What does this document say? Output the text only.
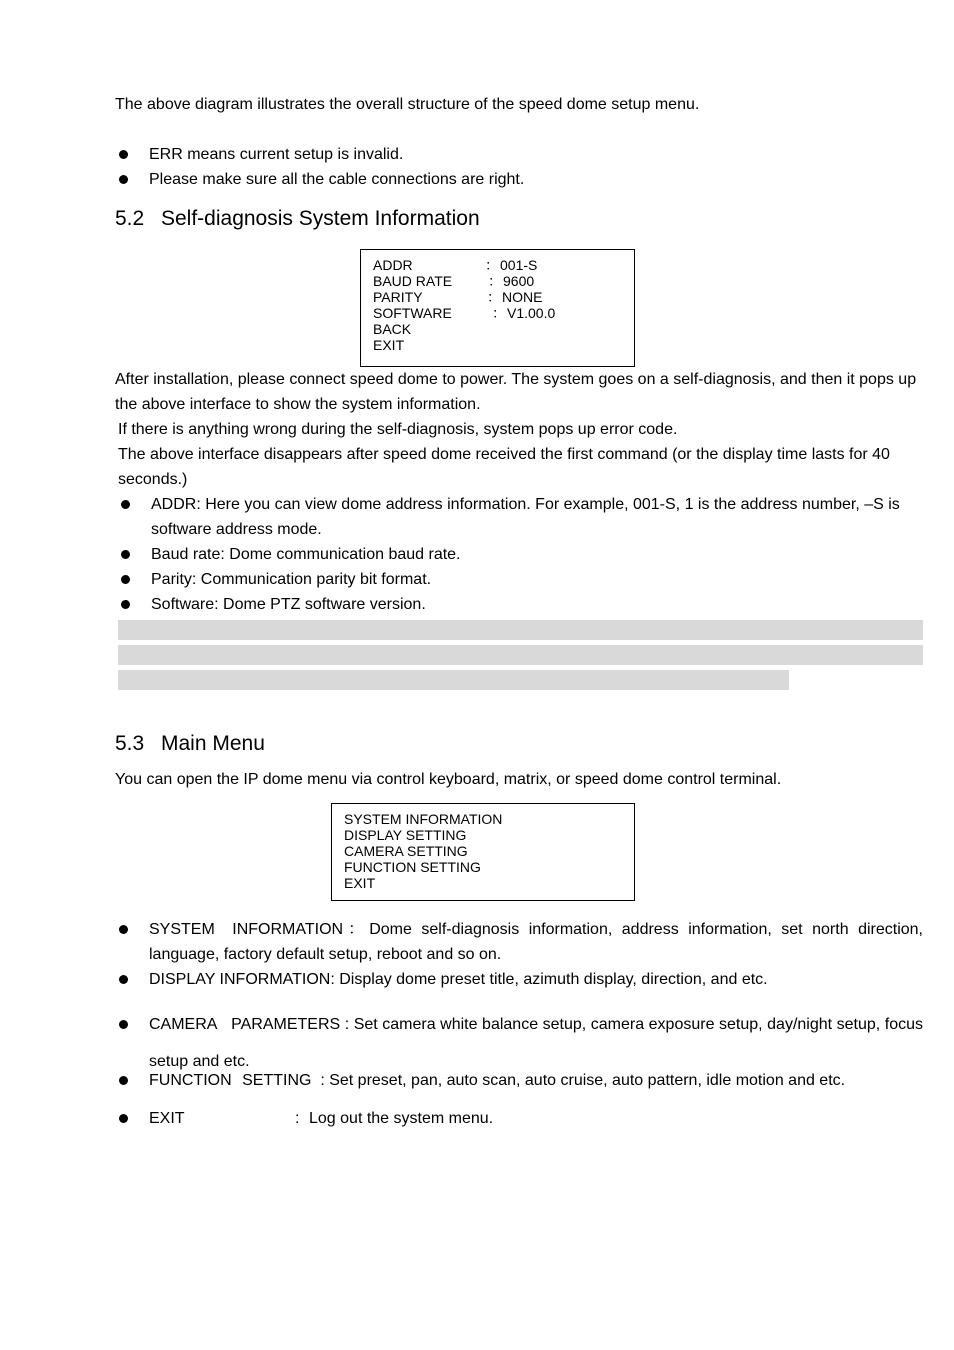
The above diagram illustrates the overall structure of the speed dome setup menu.

ERR means current setup is invalid.
Please make sure all the cable connections are right.
5.2 Self-diagnosis System Information
ADDR	： 001-S
BAUD RATE	： 9600
PARITY	： NONE
SOFTWARE	： V1.00.0
BACK
EXIT

After installation, please connect speed dome to power. The system goes on a self-diagnosis, and then it pops up the above interface to show the system information.

If there is anything wrong during the self-diagnosis, system pops up error code.

The above interface disappears after speed dome received the first command (or the display time lasts for 40 seconds.)

ADDR: Here you can view dome address information. For example, 001-S, 1 is the address number, –S is software address mode.
Baud rate: Dome communication baud rate.
Parity: Communication parity bit format.
Software: Dome PTZ software version.
5.3 Main Menu

You can open the IP dome menu via control keyboard, matrix, or speed dome control terminal.

SYSTEM INFORMATION
DISPLAY SETTING
CAMERA SETTING
FUNCTION SETTING
EXIT
SYSTEM INFORMATION：Dome self-diagnosis information, address information, set north direction, language, factory default setup, reboot and so on.
DISPLAY INFORMATION: Display dome preset title, azimuth display, direction, and etc.
CAMERA PARAMETERS : Set camera white balance setup, camera exposure setup, day/night setup, focus setup and etc.
FUNCTION SETTING  : Set preset, pan, auto scan, auto cruise, auto pattern, idle motion and etc.
EXIT	: Log out the system menu.
